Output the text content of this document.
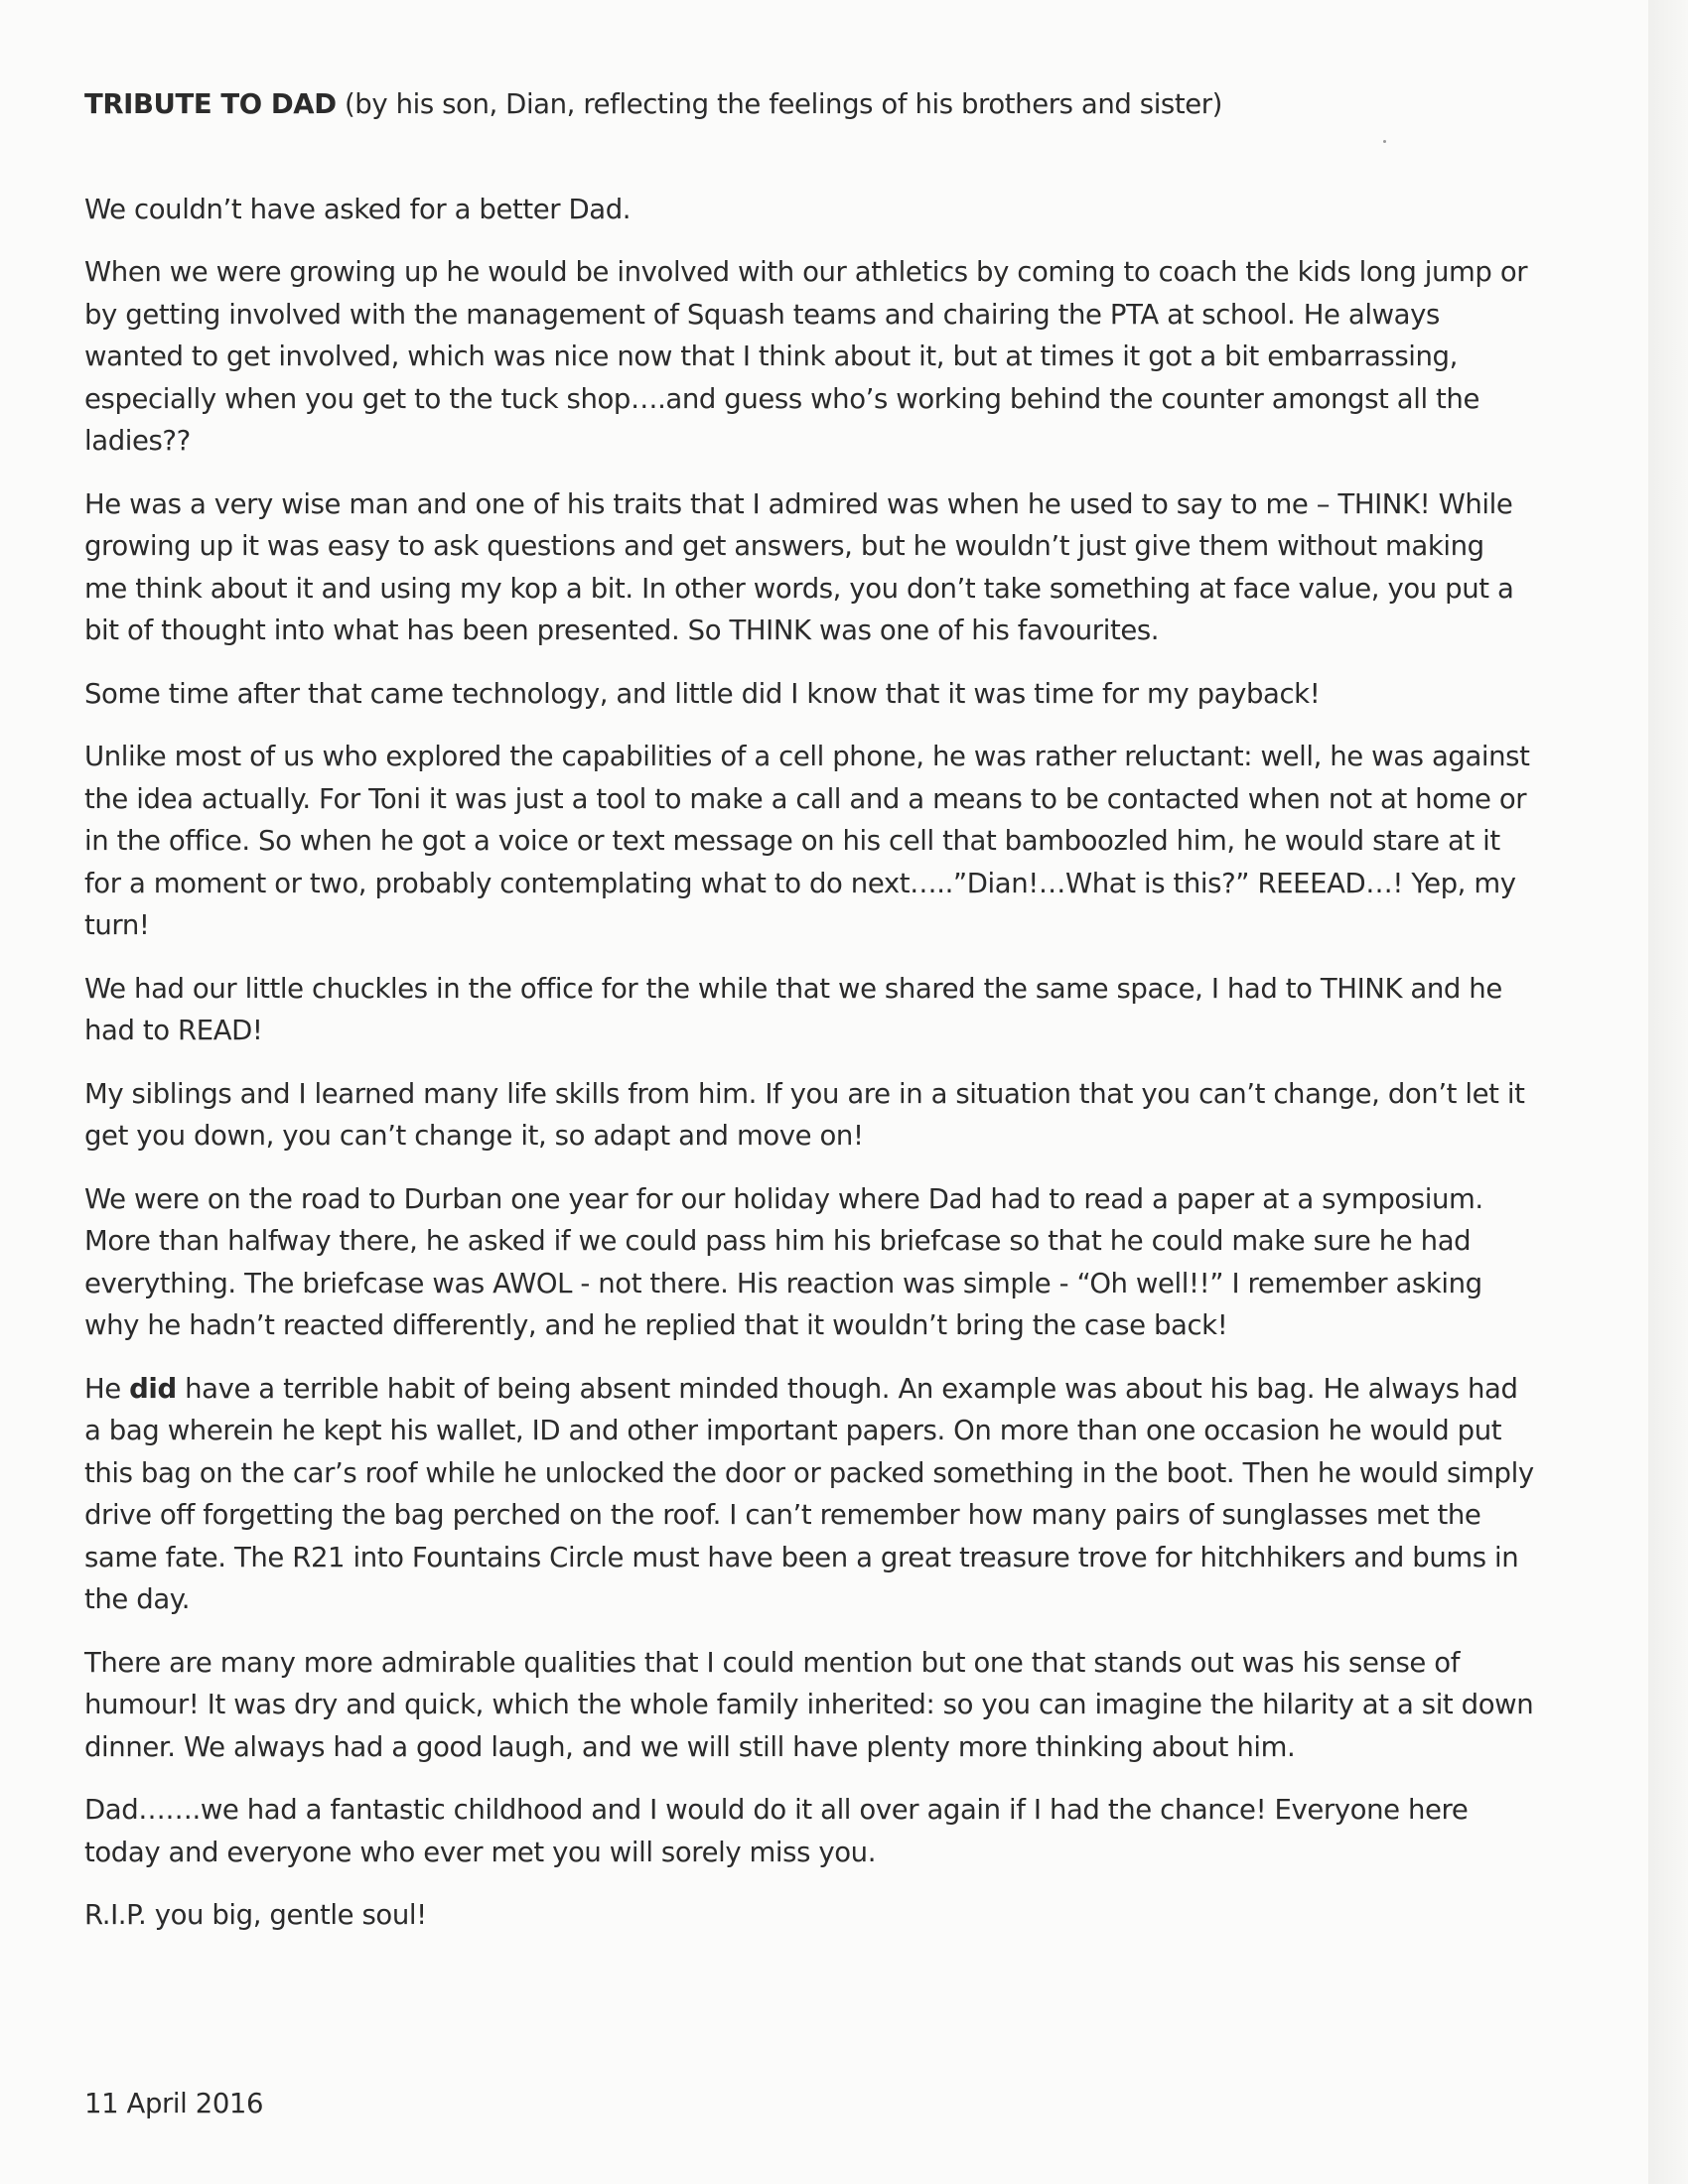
TRIBUTE TO DAD (by his son, Dian, reflecting the feelings of his brothers and sister)

We couldn’t have asked for a better Dad.

When we were growing up he would be involved with our athletics by coming to coach the kids long jump or by getting involved with the management of Squash teams and chairing the PTA at school. He always wanted to get involved, which was nice now that I think about it, but at times it got a bit embarrassing, especially when you get to the tuck shop….and guess who’s working behind the counter amongst all the ladies??

He was a very wise man and one of his traits that I admired was when he used to say to me – THINK! While growing up it was easy to ask questions and get answers, but he wouldn’t just give them without making me think about it and using my kop a bit. In other words, you don’t take something at face value, you put a bit of thought into what has been presented. So THINK was one of his favourites.

Some time after that came technology, and little did I know that it was time for my payback!

Unlike most of us who explored the capabilities of a cell phone, he was rather reluctant: well, he was against the idea actually. For Toni it was just a tool to make a call and a means to be contacted when not at home or in the office. So when he got a voice or text message on his cell that bamboozled him, he would stare at it for a moment or two, probably contemplating what to do next…..”Dian!…What is this?” REEEAD…! Yep, my turn!

We had our little chuckles in the office for the while that we shared the same space, I had to THINK and he had to READ!

My siblings and I learned many life skills from him. If you are in a situation that you can’t change, don’t let it get you down, you can’t change it, so adapt and move on!

We were on the road to Durban one year for our holiday where Dad had to read a paper at a symposium. More than halfway there, he asked if we could pass him his briefcase so that he could make sure he had everything. The briefcase was AWOL - not there. His reaction was simple - “Oh well!!” I remember asking why he hadn’t reacted differently, and he replied that it wouldn’t bring the case back!

He did have a terrible habit of being absent minded though. An example was about his bag. He always had a bag wherein he kept his wallet, ID and other important papers. On more than one occasion he would put this bag on the car’s roof while he unlocked the door or packed something in the boot. Then he would simply drive off forgetting the bag perched on the roof. I can’t remember how many pairs of sunglasses met the same fate. The R21 into Fountains Circle must have been a great treasure trove for hitchhikers and bums in the day.

There are many more admirable qualities that I could mention but one that stands out was his sense of humour! It was dry and quick, which the whole family inherited: so you can imagine the hilarity at a sit down dinner. We always had a good laugh, and we will still have plenty more thinking about him.

Dad…….we had a fantastic childhood and I would do it all over again if I had the chance! Everyone here today and everyone who ever met you will sorely miss you.

R.I.P. you big, gentle soul!

11 April 2016
